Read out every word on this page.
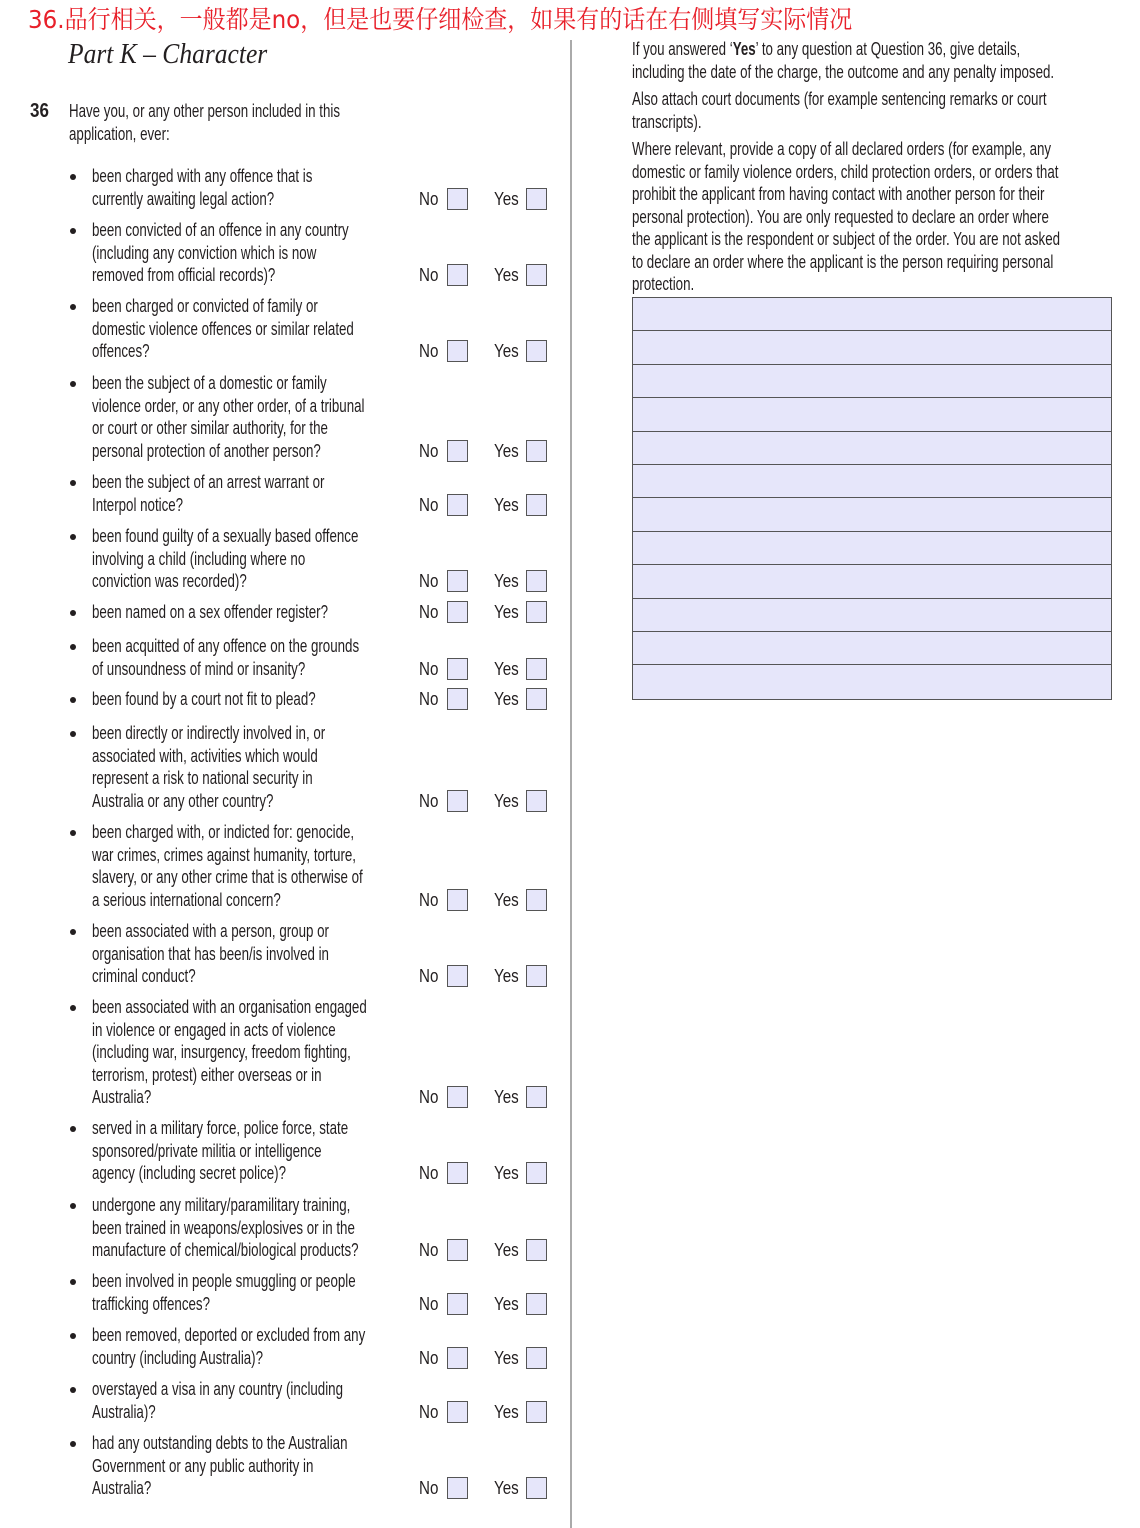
36.品行相关，一般都是no，但是也要仔细检查，如果有的话在右侧填写实际情况
Part K – Character
36 Have you, or any other person included in this
application, ever:
been charged with any offence that is
currently awaiting legal action?	No	Yes
been convicted of an offence in any country
(including any conviction which is now
removed from official records)?	No	Yes
been charged or convicted of family or
domestic violence offences or similar related
offences?	No	Yes
been the subject of a domestic or family
violence order, or any other order, of a tribunal
or court or other similar authority, for the
personal protection of another person?	No	Yes
been the subject of an arrest warrant or
Interpol notice?	No	Yes
been found guilty of a sexually based offence
involving a child (including where no
conviction was recorded)?	No	Yes
been named on a sex offender register?	No	Yes
been acquitted of any offence on the grounds
of unsoundness of mind or insanity?	No	Yes
been found by a court not fit to plead?	No	Yes
been directly or indirectly involved in, or
associated with, activities which would
represent a risk to national security in
Australia or any other country?	No	Yes
been charged with, or indicted for: genocide,
war crimes, crimes against humanity, torture,
slavery, or any other crime that is otherwise of
a serious international concern?	No	Yes
been associated with a person, group or
organisation that has been/is involved in
criminal conduct?	No	Yes
been associated with an organisation engaged
in violence or engaged in acts of violence
(including war, insurgency, freedom fighting,
terrorism, protest) either overseas or in
Australia?	No	Yes
served in a military force, police force, state
sponsored/private militia or intelligence
agency (including secret police)?	No	Yes
undergone any military/paramilitary training,
been trained in weapons/explosives or in the
manufacture of chemical/biological products?	No	Yes
been involved in people smuggling or people
trafficking offences?	No	Yes
been removed, deported or excluded from any
country (including Australia)?	No	Yes
overstayed a visa in any country (including
Australia)?	No	Yes
had any outstanding debts to the Australian
Government or any public authority in
Australia?	No	Yes
If you answered ‘Yes’ to any question at Question 36, give details,
including the date of the charge, the outcome and any penalty imposed.
Also attach court documents (for example sentencing remarks or court
transcripts).
Where relevant, provide a copy of all declared orders (for example, any
domestic or family violence orders, child protection orders, or orders that
prohibit the applicant from having contact with another person for their
personal protection). You are only requested to declare an order where
the applicant is the respondent or subject of the order. You are not asked
to declare an order where the applicant is the person requiring personal
protection.
